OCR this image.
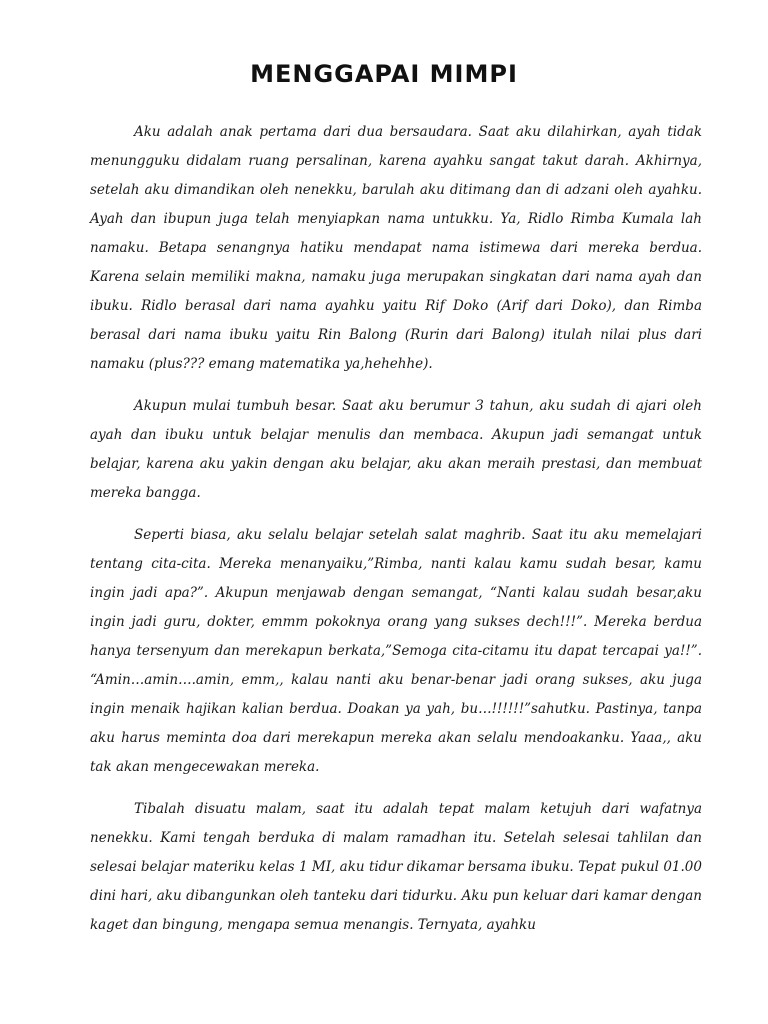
MENGGAPAI MIMPI

Aku adalah anak pertama dari dua bersaudara. Saat aku dilahirkan, ayah tidak menungguku didalam ruang persalinan, karena ayahku sangat takut darah. Akhirnya, setelah aku dimandikan oleh nenekku, barulah aku ditimang dan di adzani oleh ayahku. Ayah dan ibupun juga telah menyiapkan nama untukku. Ya, Ridlo Rimba Kumala lah namaku. Betapa senangnya hatiku mendapat nama istimewa dari mereka berdua. Karena selain memiliki makna, namaku juga merupakan singkatan dari nama ayah dan ibuku. Ridlo berasal dari nama ayahku yaitu Rif Doko (Arif dari Doko), dan Rimba berasal dari nama ibuku yaitu Rin Balong (Rurin dari Balong) itulah nilai plus dari namaku (plus??? emang matematika ya,hehehhe).

Akupun mulai tumbuh besar. Saat aku berumur 3 tahun, aku sudah di ajari oleh ayah dan ibuku untuk belajar menulis dan membaca. Akupun jadi semangat untuk belajar, karena aku yakin dengan aku belajar, aku akan meraih prestasi, dan membuat mereka bangga.

Seperti biasa, aku selalu belajar setelah salat maghrib. Saat itu aku memelajari tentang cita-cita. Mereka menanyaiku,”Rimba, nanti kalau kamu sudah besar, kamu ingin jadi apa?”. Akupun menjawab dengan semangat, “Nanti kalau sudah besar,aku ingin jadi guru, dokter, emmm pokoknya orang yang sukses dech!!!”. Mereka berdua hanya tersenyum dan merekapun berkata,”Semoga cita-citamu itu dapat tercapai ya!!”. “Amin…amin….amin, emm,, kalau nanti aku benar-benar jadi orang sukses, aku juga ingin menaik hajikan kalian berdua. Doakan ya yah, bu…!!!!!!”sahutku. Pastinya, tanpa aku harus meminta doa dari merekapun mereka akan selalu mendoakanku. Yaaa,, aku tak akan mengecewakan mereka.

Tibalah disuatu malam, saat itu adalah tepat malam ketujuh dari wafatnya nenekku. Kami tengah berduka di malam ramadhan itu. Setelah selesai tahlilan dan selesai belajar materiku kelas 1 MI, aku tidur dikamar bersama ibuku. Tepat pukul 01.00 dini hari, aku dibangunkan oleh tanteku dari tidurku. Aku pun keluar dari kamar dengan kaget dan bingung, mengapa semua menangis. Ternyata, ayahku
